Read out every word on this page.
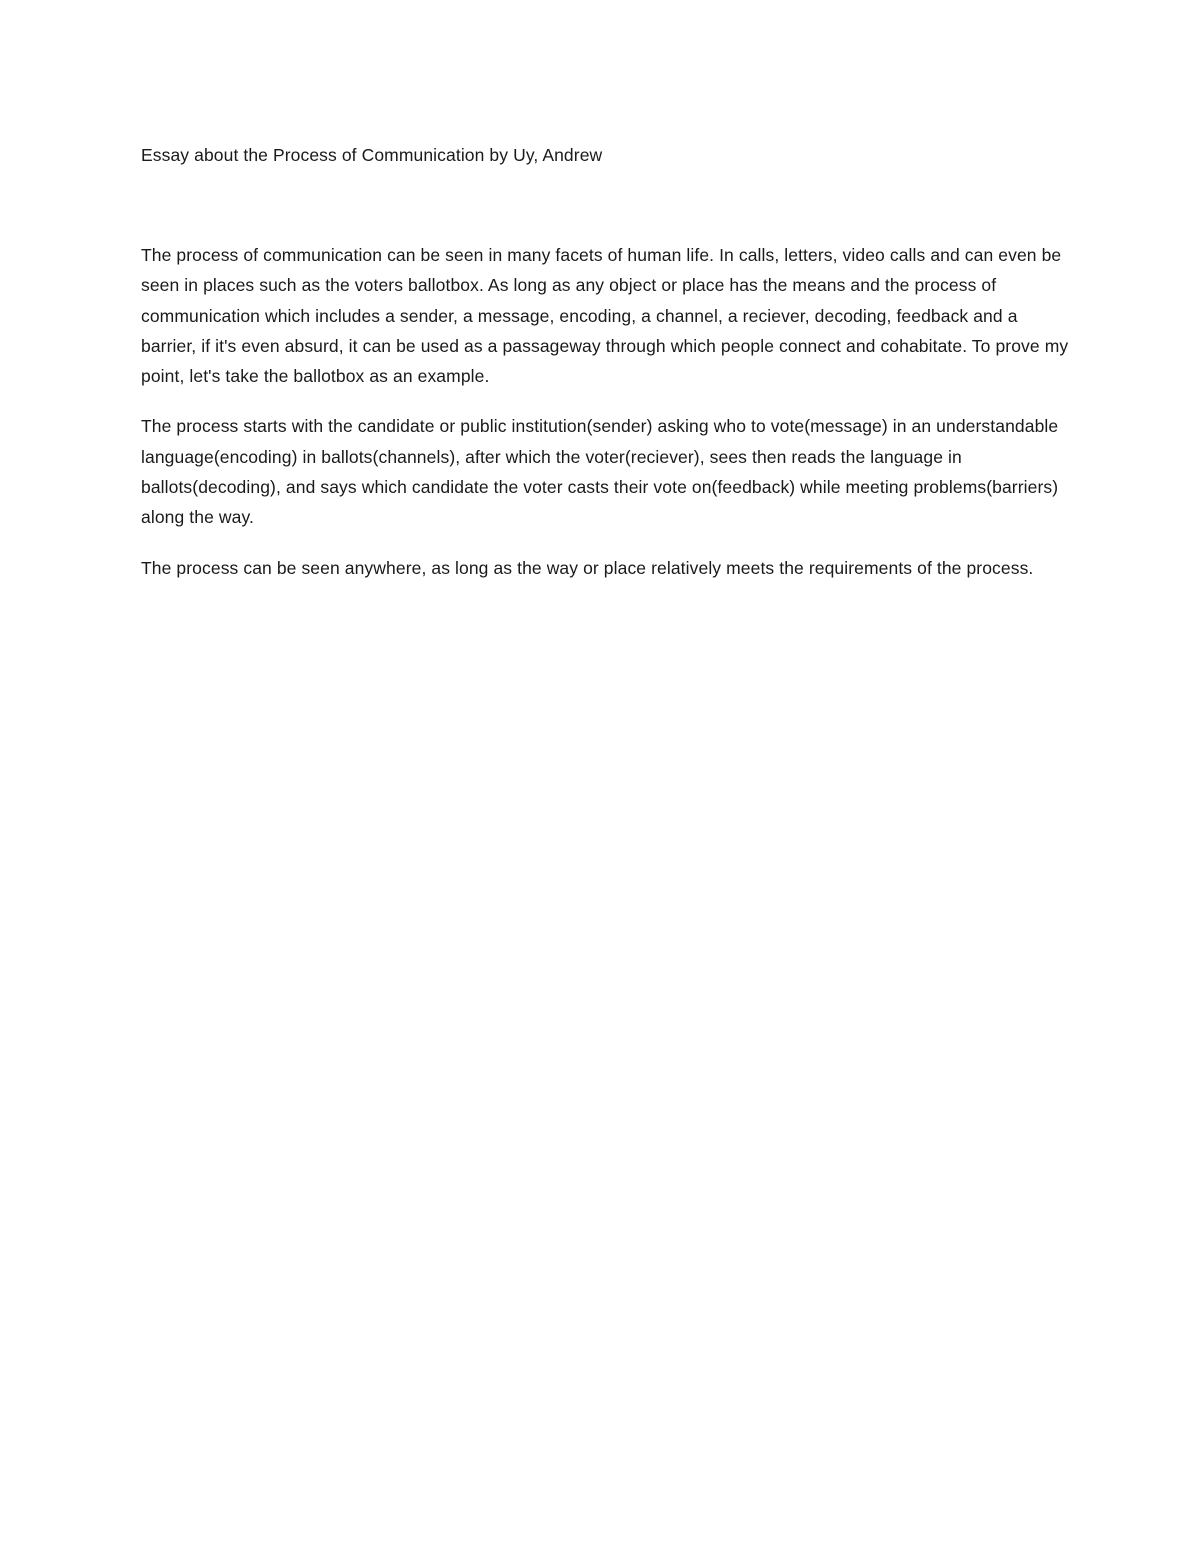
Essay about the Process of Communication by Uy, Andrew

The process of communication can be seen in many facets of human life. In calls, letters, video calls and can even be seen in places such as the voters ballotbox. As long as any object or place has the means and the process of communication which includes a sender, a message, encoding, a channel, a reciever, decoding, feedback and a barrier, if it's even absurd, it can be used as a passageway through which people connect and cohabitate. To prove my point, let's take the ballotbox as an example.

The process starts with the candidate or public institution(sender) asking who to vote(message) in an understandable language(encoding) in ballots(channels), after which the voter(reciever), sees then reads the language in ballots(decoding), and says which candidate the voter casts their vote on(feedback) while meeting problems(barriers) along the way.

The process can be seen anywhere, as long as the way or place relatively meets the requirements of the process.
